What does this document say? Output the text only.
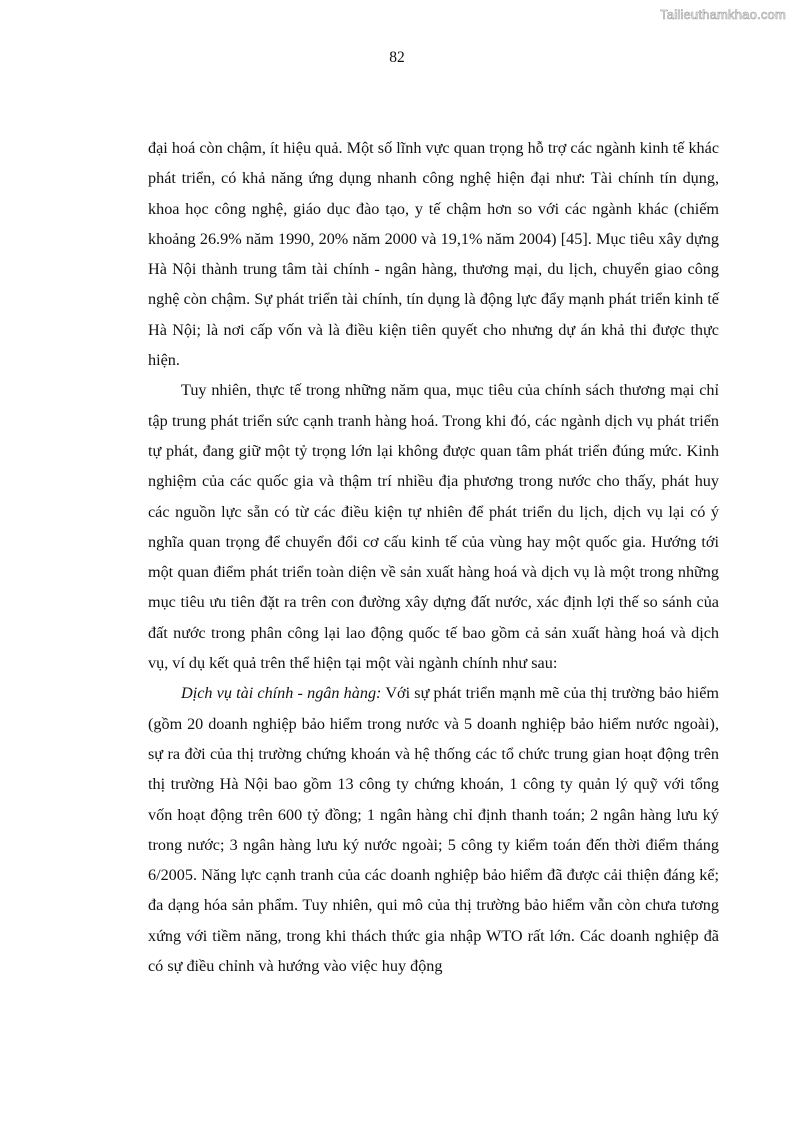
Tailieuthamkhao.com
82

đại hoá còn chậm, ít hiệu quả. Một số lĩnh vực quan trọng hỗ trợ các ngành kinh tế khác phát triển, có khả năng ứng dụng nhanh công nghệ hiện đại như: Tài chính tín dụng, khoa học công nghệ, giáo dục đào tạo, y tế chậm hơn so với các ngành khác (chiếm khoảng 26.9% năm 1990, 20% năm 2000 và 19,1% năm 2004) [45]. Mục tiêu xây dựng Hà Nội thành trung tâm tài chính - ngân hàng, thương mại, du lịch, chuyển giao công nghệ còn chậm. Sự phát triển tài chính, tín dụng là động lực đẩy mạnh phát triển kinh tế Hà Nội; là nơi cấp vốn và là điều kiện tiên quyết cho nhưng dự án khả thi được thực hiện.

Tuy nhiên, thực tế trong những năm qua, mục tiêu của chính sách thương mại chỉ tập trung phát triển sức cạnh tranh hàng hoá. Trong khi đó, các ngành dịch vụ phát triển tự phát, đang giữ một tỷ trọng lớn lại không được quan tâm phát triển đúng mức. Kinh nghiệm của các quốc gia và thậm trí nhiều địa phương trong nước cho thấy, phát huy các nguồn lực sẵn có từ các điều kiện tự nhiên để phát triển du lịch, dịch vụ lại có ý nghĩa quan trọng để chuyển đổi cơ cấu kinh tế của vùng hay một quốc gia. Hướng tới một quan điểm phát triển toàn diện về sản xuất hàng hoá và dịch vụ là một trong những mục tiêu ưu tiên đặt ra trên con đường xây dựng đất nước, xác định lợi thế so sánh của đất nước trong phân công lại lao động quốc tế bao gồm cả sản xuất hàng hoá và dịch vụ, ví dụ kết quả trên thể hiện tại một vài ngành chính như sau:

Dịch vụ tài chính - ngân hàng: Với sự phát triển mạnh mẽ của thị trường bảo hiểm (gồm 20 doanh nghiệp bảo hiểm trong nước và 5 doanh nghiệp bảo hiểm nước ngoài), sự ra đời của thị trường chứng khoán và hệ thống các tổ chức trung gian hoạt động trên thị trường Hà Nội bao gồm 13 công ty chứng khoán, 1 công ty quản lý quỹ với tổng vốn hoạt động trên 600 tỷ đồng; 1 ngân hàng chỉ định thanh toán; 2 ngân hàng lưu ký trong nước; 3 ngân hàng lưu ký nước ngoài; 5 công ty kiểm toán đến thời điểm tháng 6/2005. Năng lực cạnh tranh của các doanh nghiệp bảo hiểm đã được cải thiện đáng kể; đa dạng hóa sản phẩm. Tuy nhiên, qui mô của thị trường bảo hiểm vẫn còn chưa tương xứng với tiềm năng, trong khi thách thức gia nhập WTO rất lớn. Các doanh nghiệp đã có sự điều chỉnh và hướng vào việc huy động
